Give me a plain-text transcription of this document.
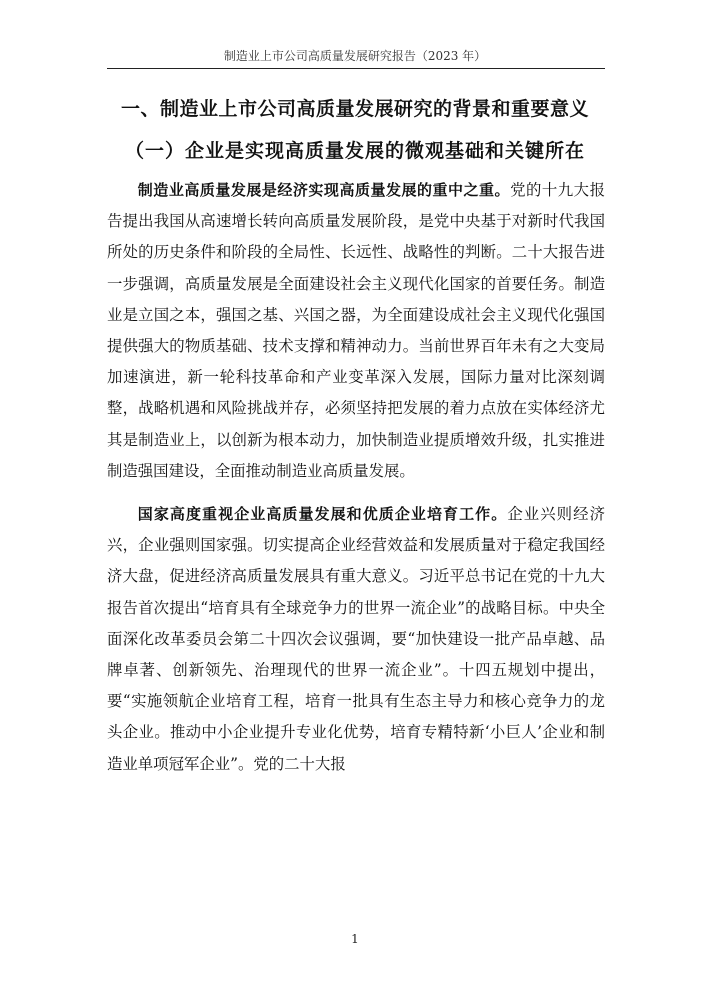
制造业上市公司高质量发展研究报告（2023 年）
一、制造业上市公司高质量发展研究的背景和重要意义
（一）企业是实现高质量发展的微观基础和关键所在

制造业高质量发展是经济实现高质量发展的重中之重。党的十九大报告提出我国从高速增长转向高质量发展阶段，是党中央基于对新时代我国所处的历史条件和阶段的全局性、长远性、战略性的判断。二十大报告进一步强调，高质量发展是全面建设社会主义现代化国家的首要任务。制造业是立国之本，强国之基、兴国之器，为全面建设成社会主义现代化强国提供强大的物质基础、技术支撑和精神动力。当前世界百年未有之大变局加速演进，新一轮科技革命和产业变革深入发展，国际力量对比深刻调整，战略机遇和风险挑战并存，必须坚持把发展的着力点放在实体经济尤其是制造业上，以创新为根本动力，加快制造业提质增效升级，扎实推进制造强国建设，全面推动制造业高质量发展。

国家高度重视企业高质量发展和优质企业培育工作。企业兴则经济兴，企业强则国家强。切实提高企业经营效益和发展质量对于稳定我国经济大盘，促进经济高质量发展具有重大意义。习近平总书记在党的十九大报告首次提出“培育具有全球竞争力的世界一流企业”的战略目标。中央全面深化改革委员会第二十四次会议强调，要“加快建设一批产品卓越、品牌卓著、创新领先、治理现代的世界一流企业”。十四五规划中提出，要“实施领航企业培育工程，培育一批具有生态主导力和核心竞争力的龙头企业。推动中小企业提升专业化优势，培育专精特新‘小巨人’企业和制造业单项冠军企业”。党的二十大报

1
